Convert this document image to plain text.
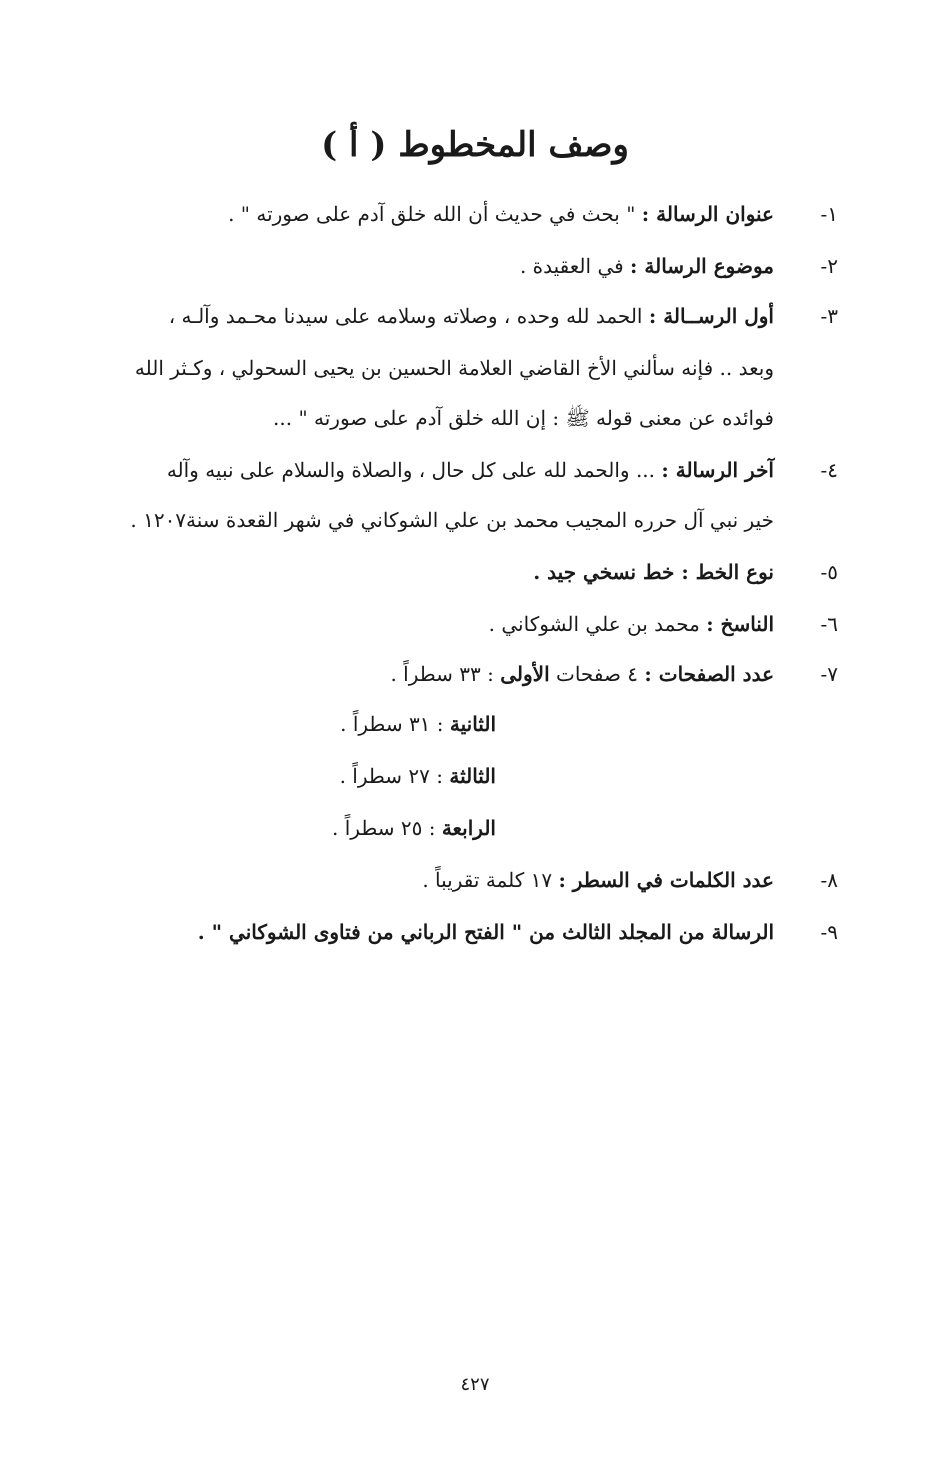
وصف المخطوط ( أ )
١-
عنوان الرسالة : " بحث في حديث أن الله خلق آدم على صورته " .
٢-
موضوع الرسالة : في العقيدة .
٣-
أول الرســالة : الحمد لله وحده ، وصلاته وسلامه على سيدنا محـمد وآلـه ،
وبعد .. فإنه سألني الأخ القاضي العلامة الحسين بن يحيى السحولي ، وكـثر الله
فوائده عن معنى قوله ﷺ : إن الله خلق آدم على صورته " ...
٤-
آخر الرسالة : ... والحمد لله على كل حال ، والصلاة والسلام على نبيه وآله
خير نبي آل حرره المجيب محمد بن علي الشوكاني في شهر القعدة سنة١٢٠٧ .
٥-
نوع الخط : خط نسخي جيد .
٦-
الناسخ : محمد بن علي الشوكاني .
٧-
عدد الصفحات : ٤ صفحات الأولى : ٣٣ سطراً .
الثانية : ٣١ سطراً .
الثالثة : ٢٧ سطراً .
الرابعة : ٢٥ سطراً .
٨-
عدد الكلمات في السطر : ١٧ كلمة تقريباً .
٩-
الرسالة من المجلد الثالث من " الفتح الرباني من فتاوى الشوكاني " .
٤٢٧
